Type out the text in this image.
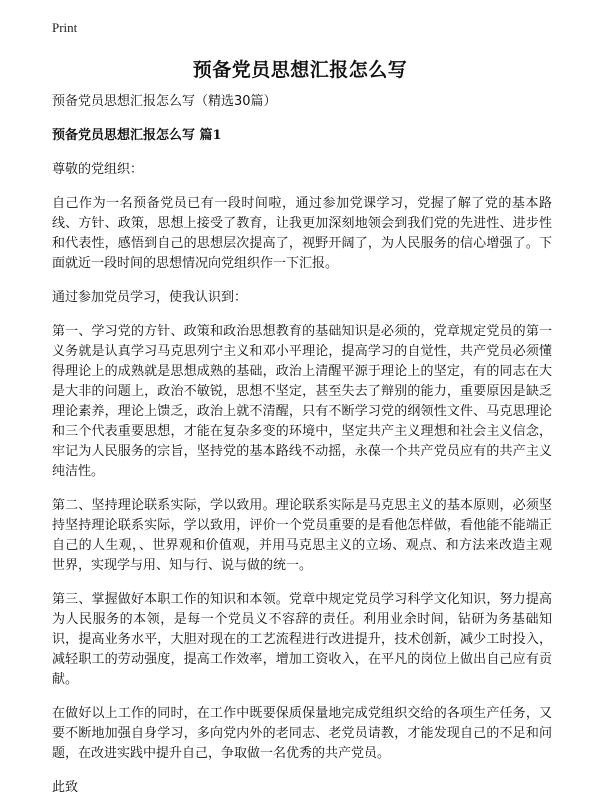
Print
预备党员思想汇报怎么写

预备党员思想汇报怎么写（精选30篇）

预备党员思想汇报怎么写 篇1

尊敬的党组织：

自己作为一名预备党员已有一段时间啦，通过参加党课学习，党握了解了党的基本路线、方针、政策，思想上接受了教育，让我更加深刻地领会到我们党的先进性、进步性和代表性，感悟到自己的思想层次提高了，视野开阔了，为人民服务的信心增强了。下面就近一段时间的思想情况向党组织作一下汇报。

通过参加党员学习，使我认识到：

第一、学习党的方针、政策和政治思想教育的基础知识是必须的，党章规定党员的第一义务就是认真学习马克思列宁主义和邓小平理论，提高学习的自觉性，共产党员必须懂得理论上的成熟就是思想成熟的基础，政治上清醒平源于理论上的坚定，有的同志在大是大非的问题上，政治不敏锐，思想不坚定，甚至失去了辩别的能力，重要原因是缺乏理论素养，理论上馈乏，政治上就不清醒，只有不断学习党的纲领性文件、马克思理论和三个代表重要思想，才能在复杂多变的环境中，坚定共产主义理想和社会主义信念，牢记为人民服务的宗旨，坚持党的基本路线不动摇，永葆一个共产党员应有的共产主义纯洁性。

第二、坚持理论联系实际，学以致用。理论联系实际是马克思主义的基本原则，必须坚持坚持理论联系实际，学以致用，评价一个党员重要的是看他怎样做，看他能不能端正自己的人生观，、世界观和价值观，并用马克思主义的立场、观点、和方法来改造主观世界，实现学与用、知与行、说与做的统一。

第三、掌握做好本职工作的知识和本领。党章中规定党员学习科学文化知识，努力提高为人民服务的本领，是每一个党员义不容辞的责任。利用业余时间，钻研为务基础知识，提高业务水平，大胆对现在的工艺流程进行改进提升，技术创新，减少工时投入，减轻职工的劳动强度，提高工作效率，增加工资收入，在平凡的岗位上做出自己应有贡献。

在做好以上工作的同时，在工作中既要保质保量地完成党组织交给的各项生产任务，又要不断地加强自身学习，多向党内外的老同志、老党员请教，才能发现自己的不足和问题，在改进实践中提升自己，争取做一名优秀的共产党员。

此致
